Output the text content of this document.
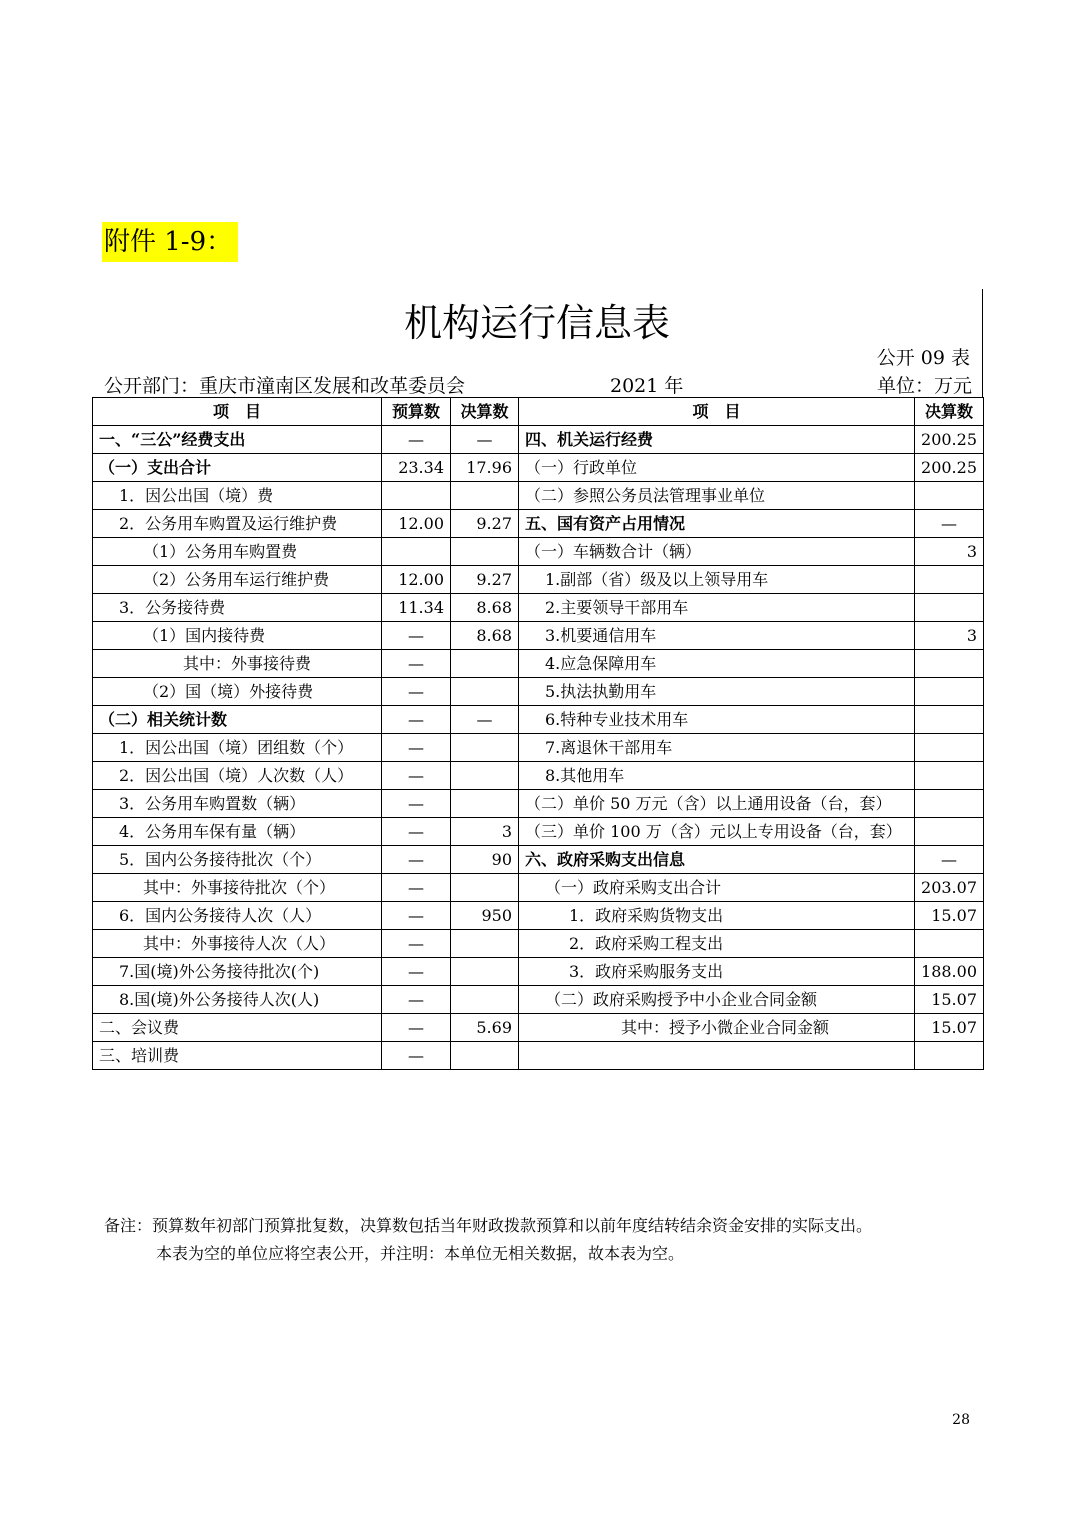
附件 1-9：
机构运行信息表
公开 09 表
公开部门：重庆市潼南区发展和改革委员会	2021 年	单位：万元
项　目	预算数	决算数	项　目	决算数
一、“三公”经费支出	—	—	四、机关运行经费	200.25
（一）支出合计	23.34	17.96	（一）行政单位	200.25
1．因公出国（境）费			（二）参照公务员法管理事业单位	
2．公务用车购置及运行维护费	12.00	9.27	五、国有资产占用情况	—
（1）公务用车购置费			（一）车辆数合计（辆）	3
（2）公务用车运行维护费	12.00	9.27	1.副部（省）级及以上领导用车	
3．公务接待费	11.34	8.68	2.主要领导干部用车	
（1）国内接待费	—	8.68	3.机要通信用车	3
其中：外事接待费	—		4.应急保障用车	
（2）国（境）外接待费	—		5.执法执勤用车	
（二）相关统计数	—	—	6.特种专业技术用车	
1．因公出国（境）团组数（个）	—		7.离退休干部用车	
2．因公出国（境）人次数（人）	—		8.其他用车	
3．公务用车购置数（辆）	—		（二）单价 50 万元（含）以上通用设备（台，套）	
4．公务用车保有量（辆）	—	3	（三）单价 100 万（含）元以上专用设备（台，套）	
5．国内公务接待批次（个）	—	90	六、政府采购支出信息	—
其中：外事接待批次（个）	—		（一）政府采购支出合计	203.07
6．国内公务接待人次（人）	—	950	1．政府采购货物支出	15.07
其中：外事接待人次（人）	—		2．政府采购工程支出	
7.国(境)外公务接待批次(个)	—		3．政府采购服务支出	188.00
8.国(境)外公务接待人次(人)	—		（二）政府采购授予中小企业合同金额	15.07
二、会议费	—	5.69	其中：授予小微企业合同金额	15.07
三、培训费	—			
备注：预算数年初部门预算批复数，决算数包括当年财政拨款预算和以前年度结转结余资金安排的实际支出。
本表为空的单位应将空表公开，并注明：本单位无相关数据，故本表为空。
28
